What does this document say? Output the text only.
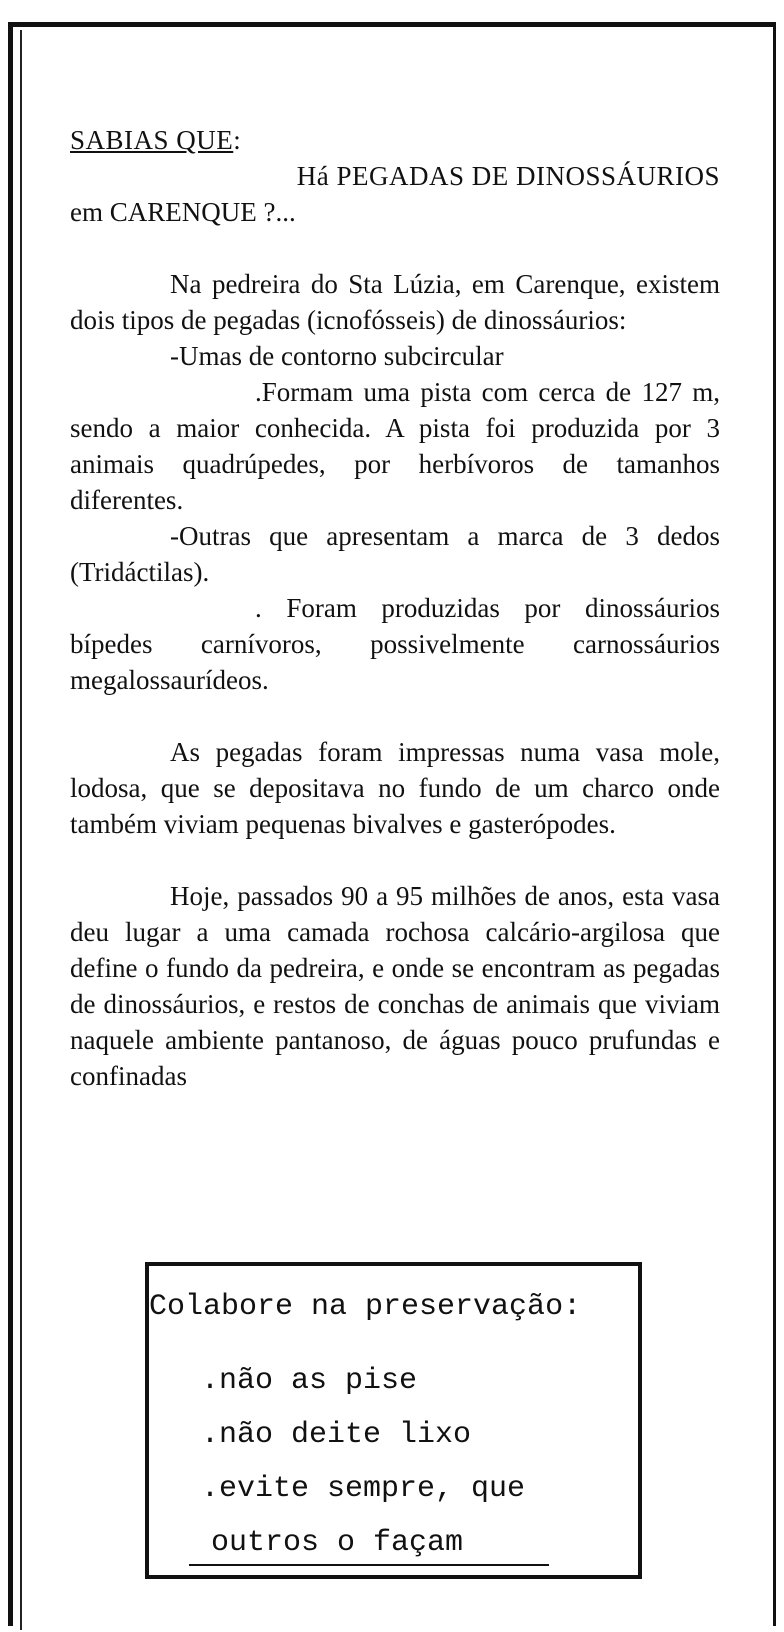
SABIAS QUE:
Há PEGADAS DE DINOSSÁURIOS
em CARENQUE ?...

Na pedreira do Sta Lúzia, em Carenque, existem dois tipos de pegadas (icnofósseis) de dinossáurios:

-Umas de contorno subcircular

.Formam uma pista com cerca de 127 m, sendo a maior conhecida. A pista foi produzida por 3 animais quadrúpedes, por herbívoros de tamanhos diferentes.

-Outras que apresentam a marca de 3 dedos (Tridáctilas).

. Foram produzidas por dinossáurios bípedes carnívoros, possivelmente carnossáurios megalossaurídeos.

As pegadas foram impressas numa vasa mole, lodosa, que se depositava no fundo de um charco onde também viviam pequenas bivalves e gasterópodes.

Hoje, passados 90 a 95 milhões de anos, esta vasa deu lugar a uma camada rochosa calcário-argilosa que define o fundo da pedreira, e onde se encontram as pegadas de dinossáurios, e restos de conchas de animais que viviam naquele ambiente pantanoso, de águas pouco prufundas e confinadas

Colabore na preservação:
.não as pise
.não deite lixo
.evite sempre, que
outros o façam
